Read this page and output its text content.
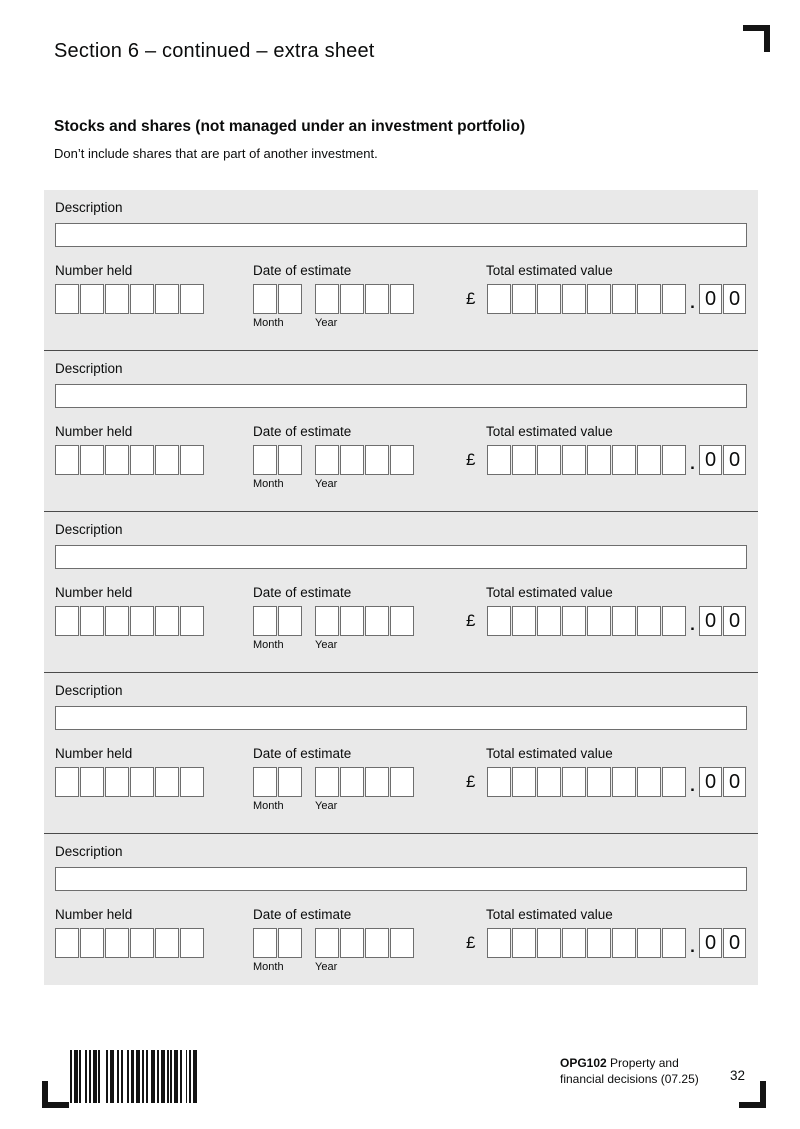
Section 6 – continued – extra sheet
Stocks and shares (not managed under an investment portfolio)
Don’t include shares that are part of another investment.
Description
Number held	Date of estimate	Total estimated value
Month	Year
£	. 0 0
Description
Number held	Date of estimate	Total estimated value
Month	Year
£	. 0 0
Description
Number held	Date of estimate	Total estimated value
Month	Year
£	. 0 0
Description
Number held	Date of estimate	Total estimated value
Month	Year
£	. 0 0
Description
Number held	Date of estimate	Total estimated value
Month	Year
£	. 0 0
OPG102 Property and financial decisions (07.25)	32
